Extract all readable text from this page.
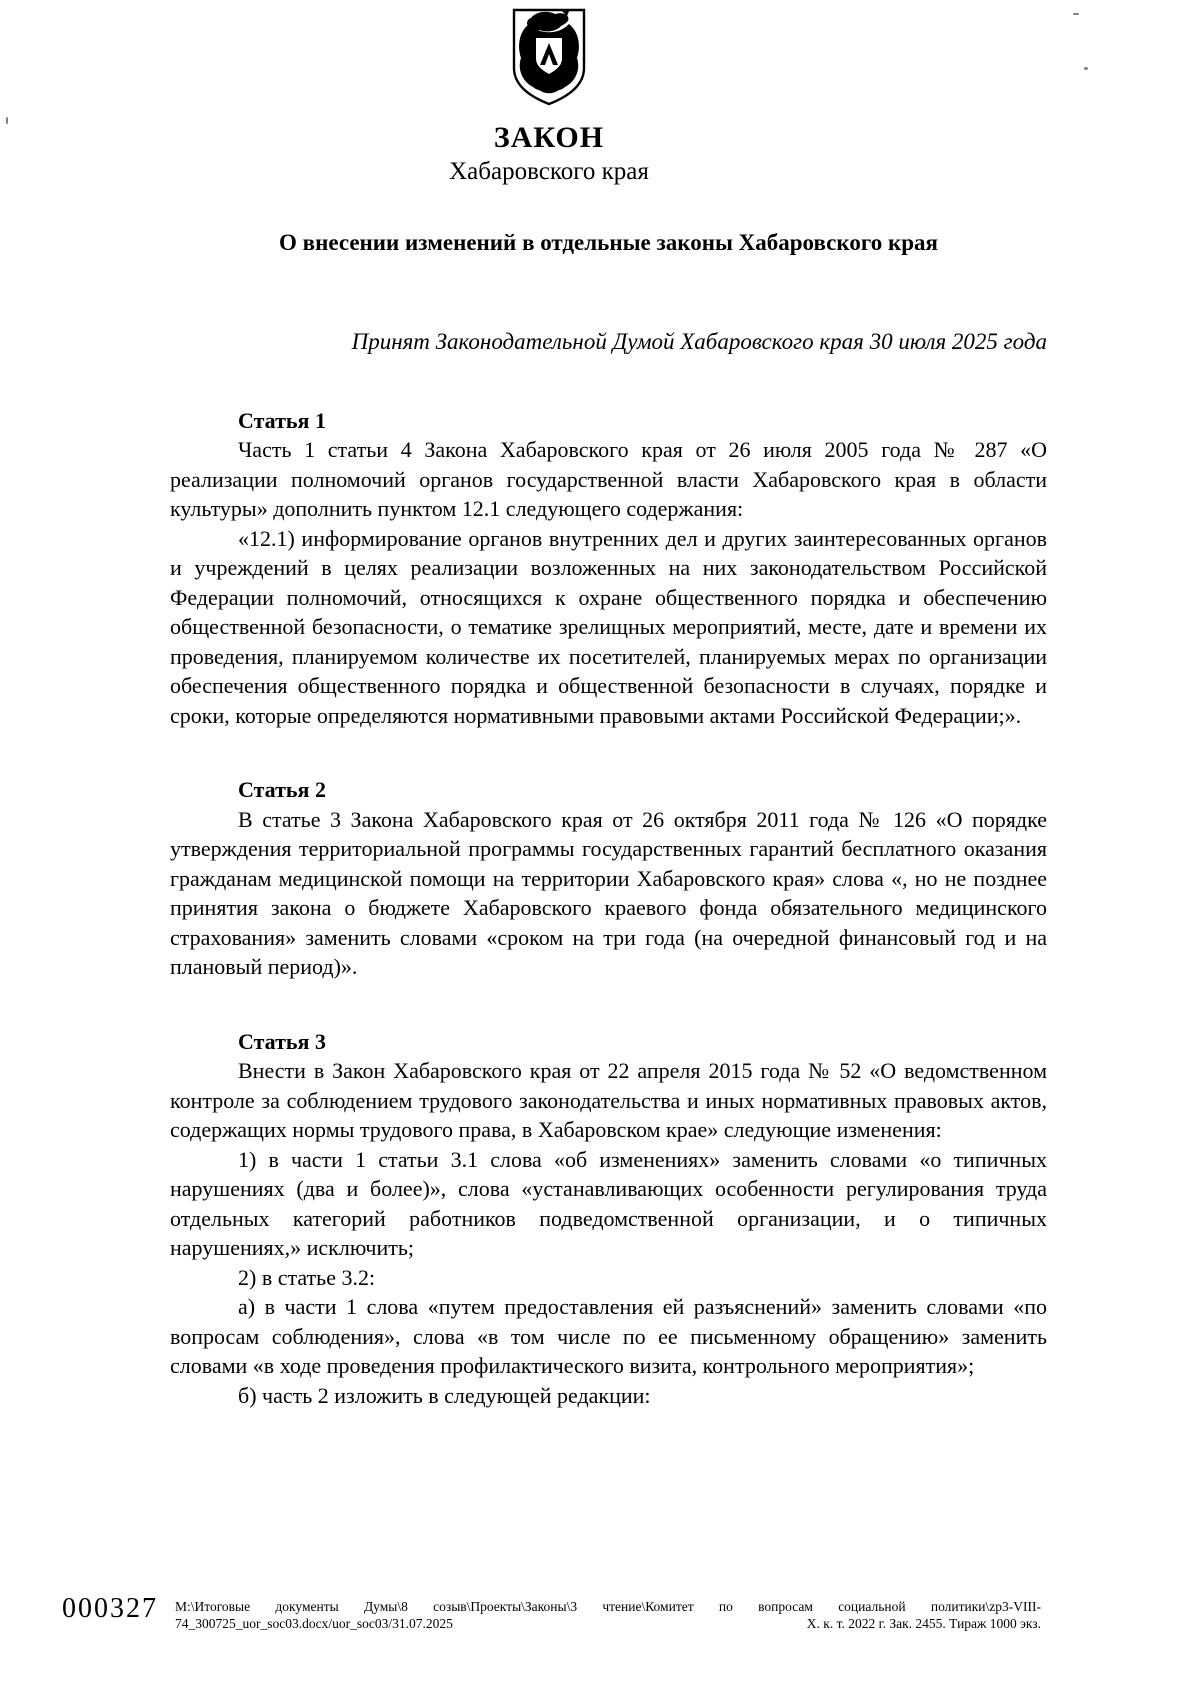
ЗАКОН
Хабаровского края
О внесении изменений в отдельные законы Хабаровского края

Принят Законодательной Думой Хабаровского края 30 июля 2025 года

Статья 1

Часть 1 статьи 4 Закона Хабаровского края от 26 июля 2005 года № 287 «О реализации полномочий органов государственной власти Хабаровского края в области культуры» дополнить пунктом 12.1 следующего содержания:

«12.1) информирование органов внутренних дел и других заинтересованных органов и учреждений в целях реализации возложенных на них законодательством Российской Федерации полномочий, относящихся к охране общественного порядка и обеспечению общественной безопасности, о тематике зрелищных мероприятий, месте, дате и времени их проведения, планируемом количестве их посетителей, планируемых мерах по организации обеспечения общественного порядка и общественной безопасности в случаях, порядке и сроки, которые определяются нормативными правовыми актами Российской Федерации;».

Статья 2

В статье 3 Закона Хабаровского края от 26 октября 2011 года № 126 «О порядке утверждения территориальной программы государственных гарантий бесплатного оказания гражданам медицинской помощи на территории Хабаровского края» слова «, но не позднее принятия закона о бюджете Хабаровского краевого фонда обязательного медицинского страхования» заменить словами «сроком на три года (на очередной финансовый год и на плановый период)».

Статья 3

Внести в Закон Хабаровского края от 22 апреля 2015 года № 52 «О ведомственном контроле за соблюдением трудового законодательства и иных нормативных правовых актов, содержащих нормы трудового права, в Хабаровском крае» следующие изменения:

1) в части 1 статьи 3.1 слова «об изменениях» заменить словами «о типичных нарушениях (два и более)», слова «устанавливающих особенности регулирования труда отдельных категорий работников подведомственной организации, и о типичных нарушениях,» исключить;

2) в статье 3.2:

а) в части 1 слова «путем предоставления ей разъяснений» заменить словами «по вопросам соблюдения», слова «в том числе по ее письменному обращению» заменить словами «в ходе проведения профилактического визита, контрольного мероприятия»;

б) часть 2 изложить в следующей редакции:

000327 М:\Итоговые документы Думы\8 созыв\Проекты\Законы\3 чтение\Комитет по вопросам социальной политики\zp3-VIII-
74_300725_uor_soc03.docx/uor_soc03/31.07.2025	Х. к. т. 2022 г. Зак. 2455. Тираж 1000 экз.
